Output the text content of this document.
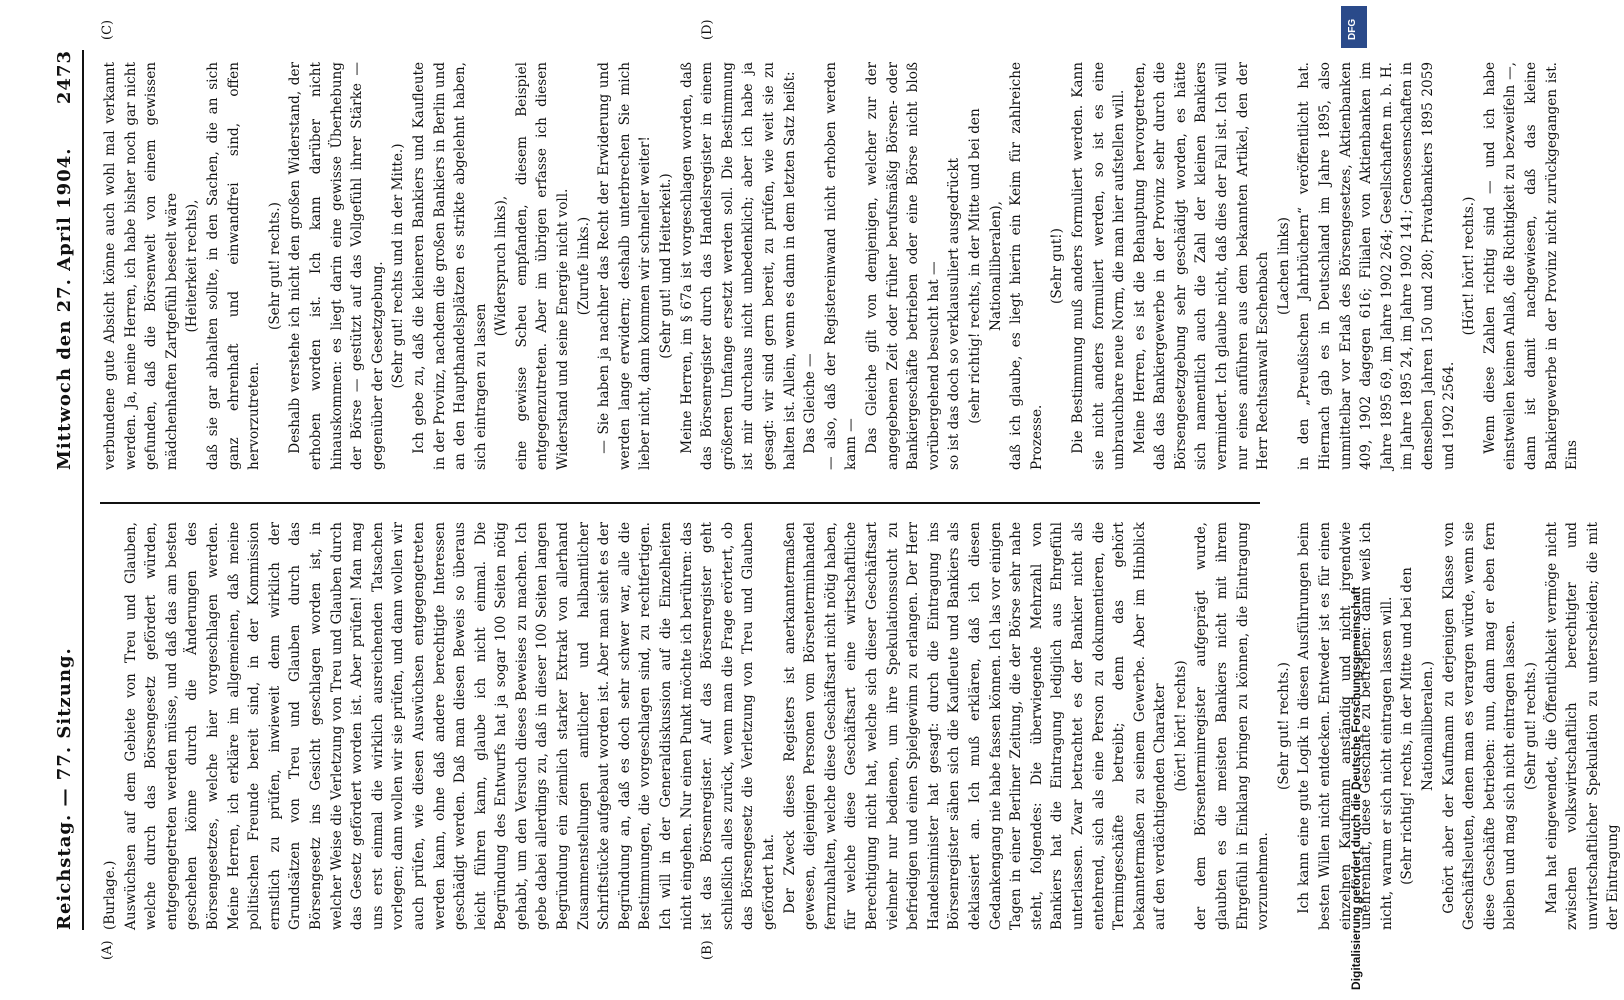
Reichstag. — 77. Sitzung.
Mittwoch den 27. April 1904.
2473
(A)	(B)
(C)	(D)

(Burlage.) Auswüchsen auf dem Gebiete von Treu und Glauben, welche durch das Börsengesetz gefördert würden, entgegengetreten werden müsse, und daß das am besten geschehen könne durch die Änderungen des Börsengesetzes, welche hier vorgeschlagen werden. Meine Herren, ich erkläre im allgemeinen, daß meine politischen Freunde bereit sind, in der Kommission ernstlich zu prüfen, inwieweit denn wirklich der Grundsätzen von Treu und Glauben durch das Börsengesetz ins Gesicht geschlagen worden ist, in welcher Weise die Verletzung von Treu und Glauben durch das Gesetz gefördert worden ist. Aber prüfen! Man mag uns erst einmal die wirklich ausreichenden Tatsachen vorlegen; dann wollen wir sie prüfen, und dann wollen wir auch prüfen, wie diesen Auswüchsen entgegengetreten werden kann, ohne daß andere berechtigte Interessen geschädigt werden. Daß man diesen Beweis so überaus leicht führen kann, glaube ich nicht einmal. Die Begründung des Entwurfs hat ja sogar 100 Seiten nötig gehabt, um den Versuch dieses Beweises zu machen. Ich gebe dabei allerdings zu, daß in dieser 100 Seiten langen Begründung ein ziemlich starker Extrakt von allerhand Zusammenstellungen amtlicher und halbamtlicher Schriftstücke aufgebaut worden ist. Aber man sieht es der Begründung an, daß es doch sehr schwer war, alle die Bestimmungen, die vorgeschlagen sind, zu rechtfertigen. Ich will in der Generaldiskussion auf die Einzelheiten nicht eingehen. Nur einen Punkt möchte ich berühren: das ist das Börsenregister. Auf das Börsenregister geht schließlich alles zurück, wenn man die Frage erörtert, ob das Börsengesetz die Verletzung von Treu und Glauben gefördert hat. Der Zweck dieses Registers ist anerkanntermaßen gewesen, diejenigen Personen vom Börsenterminhandel fernzuhalten, welche diese Geschäftsart nicht nötig haben, für welche diese Geschäftsart eine wirtschaftliche Berechtigung nicht hat, welche sich dieser Geschäftsart vielmehr nur bedienen, um ihre Spekulationssucht zu befriedigen und einen Spielgewinn zu erlangen. Der Herr Handelsminister hat gesagt: durch die Eintragung ins Börsenregister sähen sich die Kaufleute und Bankiers als deklassiert an. Ich muß erklären, daß ich diesen Gedankengang nie habe fassen können. Ich las vor einigen Tagen in einer Berliner Zeitung, die der Börse sehr nahe steht, folgendes: Die überwiegende Mehrzahl von Bankiers hat die Eintragung lediglich aus Ehrgefühl unterlassen. Zwar betrachtet es der Bankier nicht als entehrend, sich als eine Person zu dokumentieren, die Termingeschäfte betreibt; denn das gehört bekanntermaßen zu seinem Gewerbe. Aber im Hinblick auf den verdächtigenden Charakter (hört! hört! rechts) der dem Börsenterminregister aufgeprägt wurde, glaubten es die meisten Bankiers nicht mit ihrem Ehrgefühl in Einklang bringen zu können, die Eintragung vorzunehmen.

(Sehr gut! rechts.) Ich kann eine gute Logik in diesen Ausführungen beim besten Willen nicht entdecken. Entweder ist es für einen einzelnen Kaufmann anständig und nicht irgendwie unehrenhaft, diese Geschäfte zu betreiben: dann weiß ich nicht, warum er sich nicht eintragen lassen will. (Sehr richtig! rechts, in der Mitte und bei den Nationalliberalen.) Gehört aber der Kaufmann zu derjenigen Klasse von Geschäftsleuten, denen man es verargen würde, wenn sie diese Geschäfte betrieben: nun, dann mag er eben fern bleiben und mag sich nicht eintragen lassen. (Sehr gut! rechts.) Man hat eingewendet, die Öffentlichkeit vermöge nicht zwischen volkswirtschaftlich berechtigter und unwirtschaftlicher Spekulation zu unterscheiden; die mit der Eintragung

verbundene gute Absicht könne auch wohl mal verkannt werden. Ja, meine Herren, ich habe bisher noch gar nicht gefunden, daß die Börsenwelt von einem gewissen mädchenhaften Zartgefühl beseelt wäre (Heiterkeit rechts), daß sie gar abhalten sollte, in den Sachen, die an sich ganz ehrenhaft und einwandfrei sind, offen hervorzutreten.

(Sehr gut! rechts.) Deshalb verstehe ich nicht den großen Widerstand, der erhoben worden ist. Ich kann darüber nicht hinauskommen: es liegt darin eine gewisse Überhebung der Börse — gestützt auf das Vollgefühl ihrer Stärke — gegenüber der Gesetzgebung. (Sehr gut! rechts und in der Mitte.) Ich gebe zu, daß die kleineren Bankiers und Kaufleute in der Provinz, nachdem die großen Bankiers in Berlin und an den Haupthandelsplätzen es strikte abgelehnt haben, sich eintragen zu lassen

(Widerspruch links), eine gewisse Scheu empfanden, diesem Beispiel entgegenzutreten. Aber im übrigen erfasse ich diesen Widerstand und seine Energie nicht voll. (Zurufe links.) — Sie haben ja nachher das Recht der Erwiderung und werden lange erwidern; deshalb unterbrechen Sie mich lieber nicht, dann kommen wir schneller weiter! (Sehr gut! und Heiterkeit.) Meine Herren, im § 67a ist vorgeschlagen worden, daß das Börsenregister durch das Handelsregister in einem größeren Umfange ersetzt werden soll. Die Bestimmung ist mir durchaus nicht unbedenklich; aber ich habe ja gesagt: wir sind gern bereit, zu prüfen, wie weit sie zu halten ist. Allein, wenn es dann in dem letzten Satz heißt: Das Gleiche — — also, daß der Registereinwand nicht erhoben werden kann — Das Gleiche gilt von demjenigen, welcher zur der angegebenen Zeit oder früher berufsmäßig Börsen- oder Bankiergeschäfte betrieben oder eine Börse nicht bloß vorübergehend besucht hat — so ist das doch so verklausuliert ausgedrückt (sehr richtig! rechts, in der Mitte und bei den Nationalliberalen), daß ich glaube, es liegt hierin ein Keim für zahlreiche Prozesse.

(Sehr gut!) Die Bestimmung muß anders formuliert werden. Kann sie nicht anders formuliert werden, so ist es eine unbrauchbare neue Norm, die man hier aufstellen will. Meine Herren, es ist die Behauptung hervorgetreten, daß das Bankiergewerbe in der Provinz sehr durch die Börsengesetzgebung sehr geschädigt worden, es hätte sich namentlich auch die Zahl der kleinen Bankiers vermindert. Ich glaube nicht, daß dies der Fall ist. Ich will nur eines anführen aus dem bekannten Artikel, den der Herr Rechtsanwalt Eschenbach (Lachen links) in den „Preußischen Jahrbüchern“ veröffentlicht hat. Hiernach gab es in Deutschland im Jahre 1895, also unmittelbar vor Erlaß des Börsengesetzes, Aktienbanken 409, 1902 dagegen 616; Filialen von Aktienbanken im Jahre 1895 69, im Jahre 1902 264; Gesellschaften m. b. H. im Jahre 1895 24, im Jahre 1902 141; Genossenschaften in denselben Jahren 150 und 280; Privatbankiers 1895 2059 und 1902 2564.

(Hört! hört! rechts.) Wenn diese Zahlen richtig sind — und ich habe einstweilen keinen Anlaß, die Richtigkeit zu bezweifeln —, dann ist damit nachgewiesen, daß das kleine Bankiergewerbe in der Provinz nicht zurückgegangen ist. Eins

DFG
Digitalisierung gefördert durch die Deutsche Forschungsgemeinschaft
